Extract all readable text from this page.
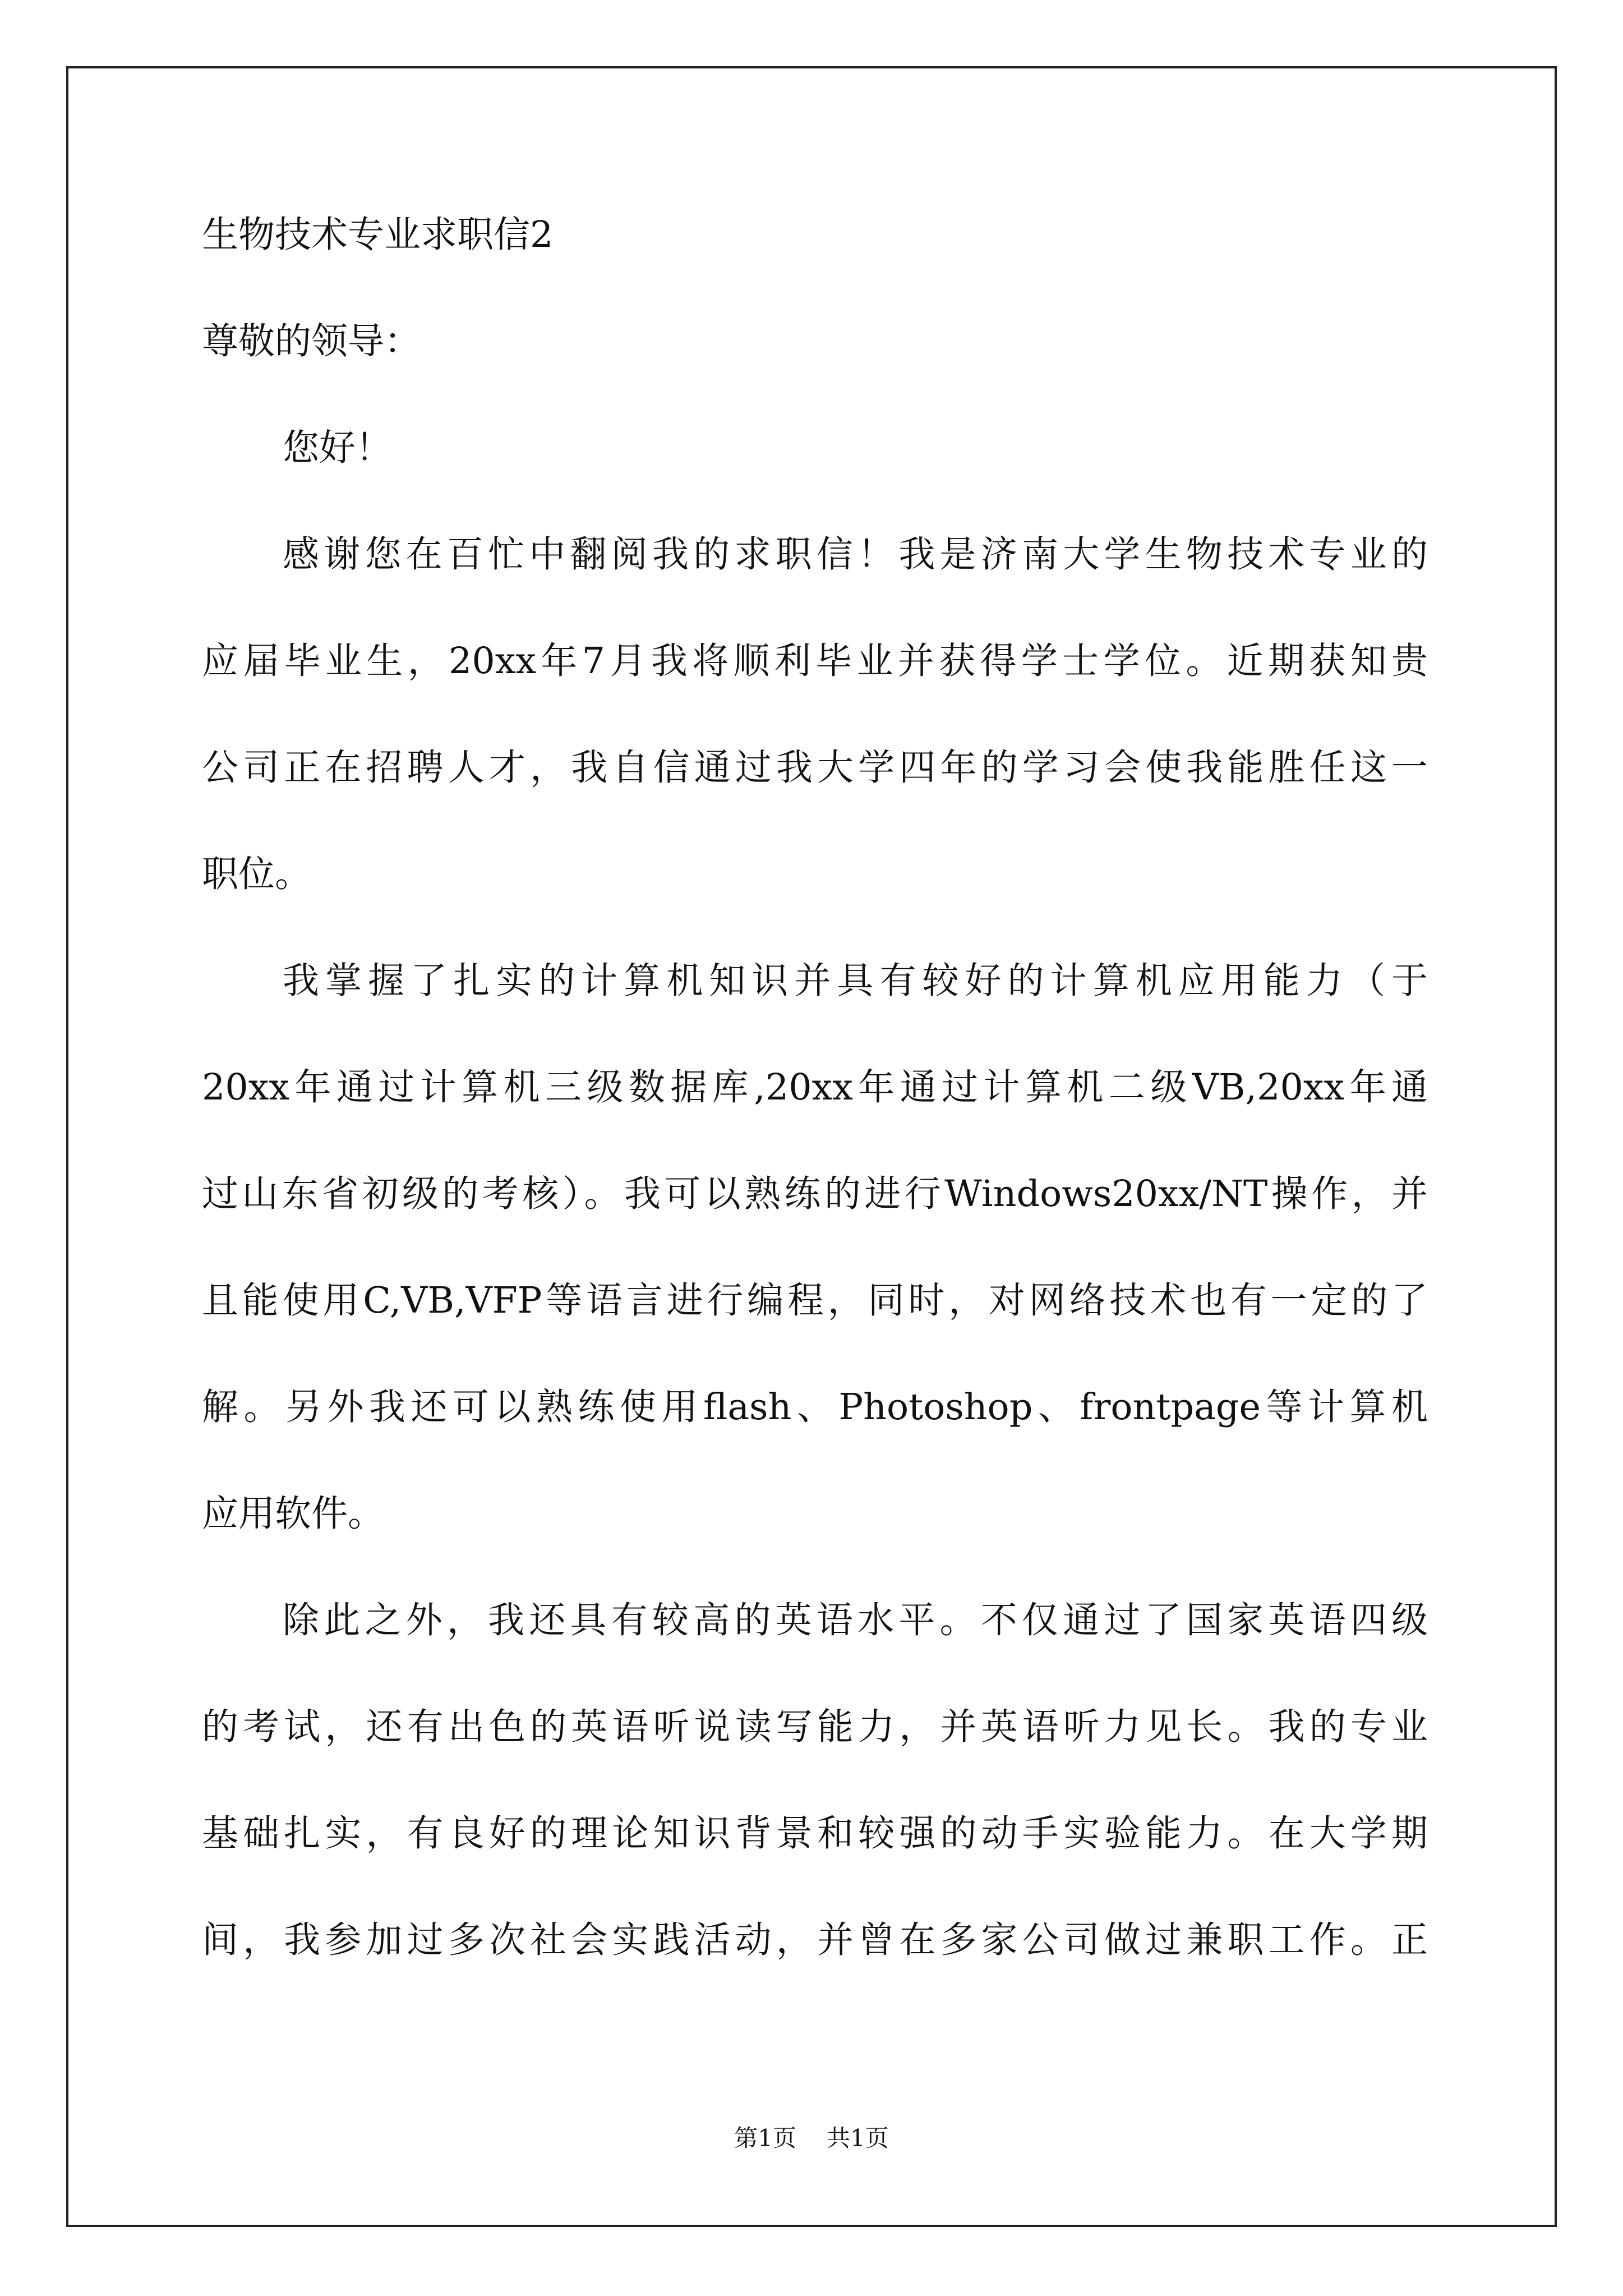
生物技术专业求职信2
尊敬的领导：
您好！
感谢您在百忙中翻阅我的求职信！我是济南大学生物技术专业的
应届毕业生，20xx年7月我将顺利毕业并获得学士学位。近期获知贵
公司正在招聘人才，我自信通过我大学四年的学习会使我能胜任这一
职位。
我掌握了扎实的计算机知识并具有较好的计算机应用能力（于
20xx年通过计算机三级数据库,20xx年通过计算机二级VB,20xx年通
过山东省初级的考核）。我可以熟练的进行Windows20xx/NT操作，并
且能使用C,VB,VFP等语言进行编程，同时，对网络技术也有一定的了
解。另外我还可以熟练使用flash、Photoshop、frontpage等计算机
应用软件。
除此之外，我还具有较高的英语水平。不仅通过了国家英语四级
的考试，还有出色的英语听说读写能力，并英语听力见长。我的专业
基础扎实，有良好的理论知识背景和较强的动手实验能力。在大学期
间，我参加过多次社会实践活动，并曾在多家公司做过兼职工作。正
第1页 共1页
